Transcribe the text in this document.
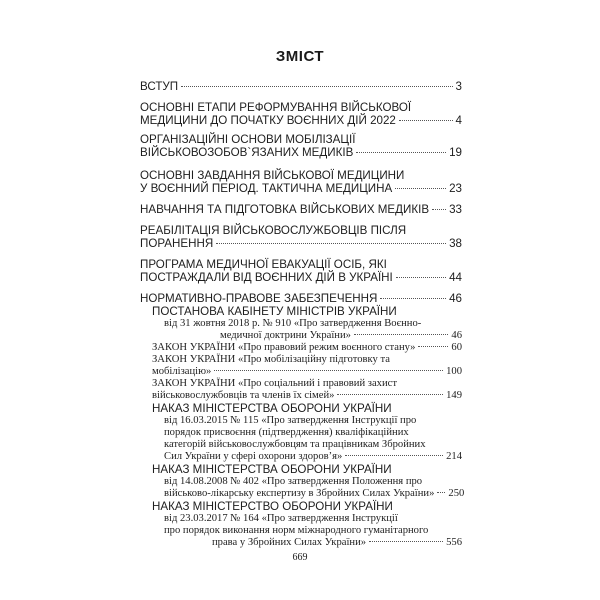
ЗМІСТ
ВСТУП	3
ОСНОВНІ ЕТАПИ РЕФОРМУВАННЯ ВІЙСЬКОВОЇ
МЕДИЦИНИ ДО ПОЧАТКУ ВОЄННИХ ДІЙ 2022	4
ОРГАНІЗАЦІЙНІ ОСНОВИ МОБІЛІЗАЦІЇ
ВІЙСЬКОВОЗОБОВ`ЯЗАНИХ МЕДИКІВ	19
ОСНОВНІ ЗАВДАННЯ ВІЙСЬКОВОЇ МЕДИЦИНИ
У ВОЄННИЙ ПЕРІОД. ТАКТИЧНА МЕДИЦИНА	23
НАВЧАННЯ ТА ПІДГОТОВКА ВІЙСЬКОВИХ МЕДИКІВ 33
РЕАБІЛІТАЦІЯ ВІЙСЬКОВОСЛУЖБОВЦІВ ПІСЛЯ
ПОРАНЕННЯ	38
ПРОГРАМА МЕДИЧНОЇ ЕВАКУАЦІЇ ОСІБ, ЯКІ
ПОСТРАЖДАЛИ ВІД ВОЄННИХ ДІЙ В УКРАЇНІ	44
НОРМАТИВНО-ПРАВОВЕ ЗАБЕЗПЕЧЕННЯ	46
ПОСТАНОВА КАБІНЕТУ МІНІСТРІВ УКРАЇНИ
від 31 жовтня 2018 р. № 910 «Про затвердження Воєнно-
медичної доктрини України»	46
ЗАКОН УКРАЇНИ «Про правовий режим воєнного стану»	60
ЗАКОН УКРАЇНИ «Про мобілізаційну підготовку та
мобілізацію»	100
ЗАКОН УКРАЇНИ «Про соціальний і правовий захист
військовослужбовців та членів їх сімей»	149
НАКАЗ МІНІСТЕРСТВА ОБОРОНИ УКРАЇНИ
від 16.03.2015 № 115 «Про затвердження Інструкції про
порядок присвоєння (підтвердження) кваліфікаційних
категорій військовослужбовцям та працівникам Збройних
Сил України у сфері охорони здоров’я»	214
НАКАЗ МІНІСТЕРСТВА ОБОРОНИ УКРАЇНИ
від 14.08.2008 № 402 «Про затвердження Положення про
військово-лікарську експертизу в Збройних Силах України» 250
НАКАЗ МІНІСТЕРСТВО ОБОРОНИ УКРАЇНИ
від 23.03.2017 № 164 «Про затвердження Інструкції
про порядок виконання норм міжнародного гуманітарного
права у Збройних Силах України»	556
669
